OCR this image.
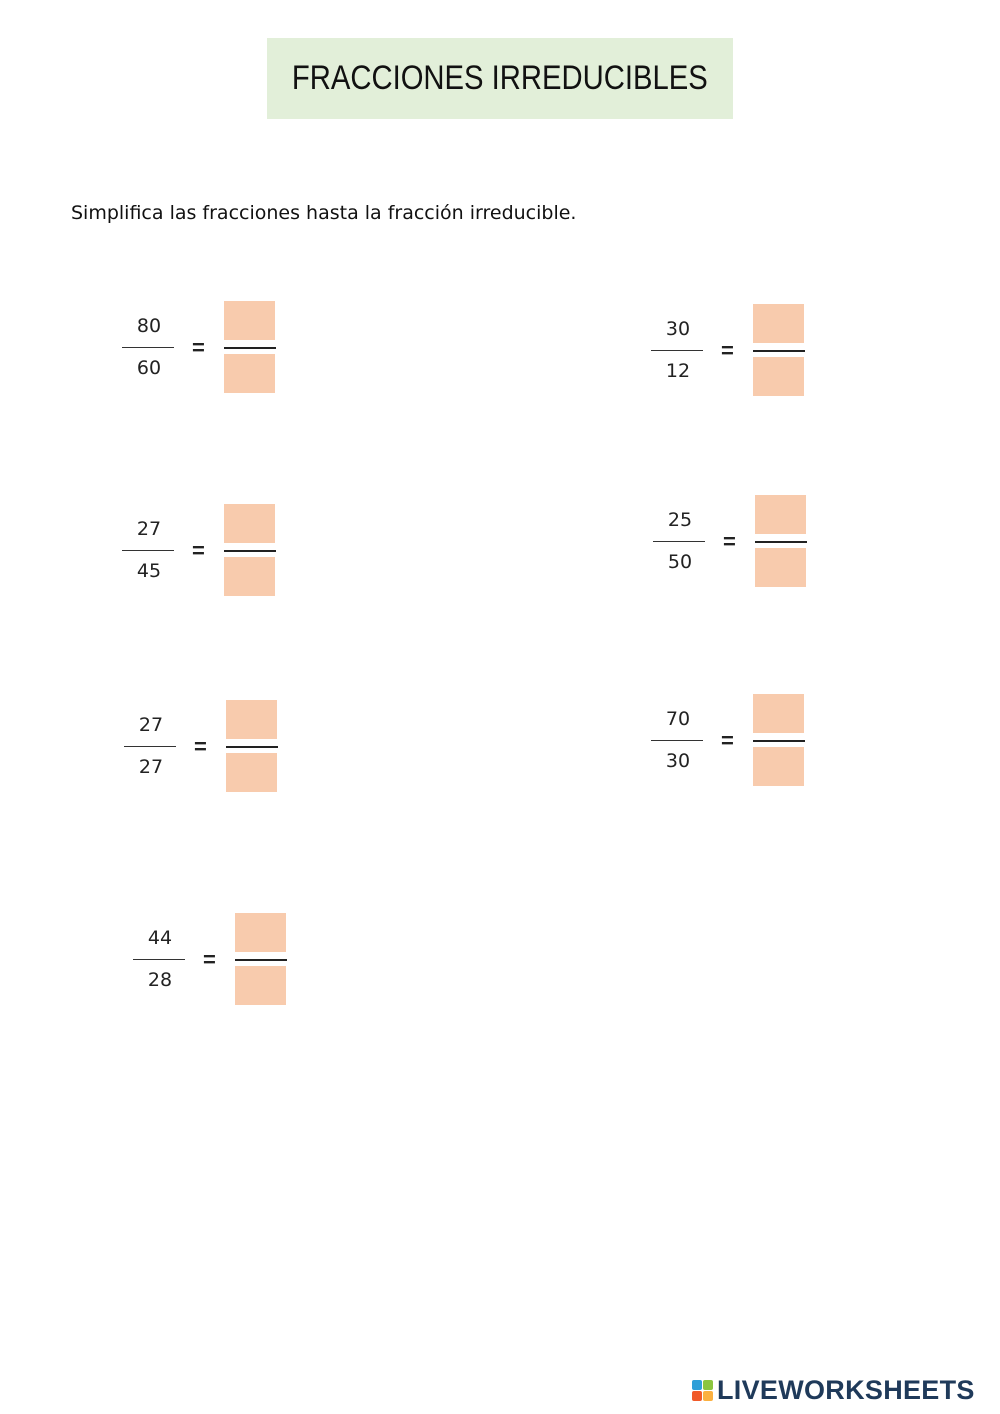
FRACCIONES IRREDUCIBLES
Simplifica las fracciones hasta la fracción irreducible.
80
60
=
30
12
=
27
45
=
25
50
=
27
27
=
70
30
=
44
28
=
LIVEWORKSHEETS
